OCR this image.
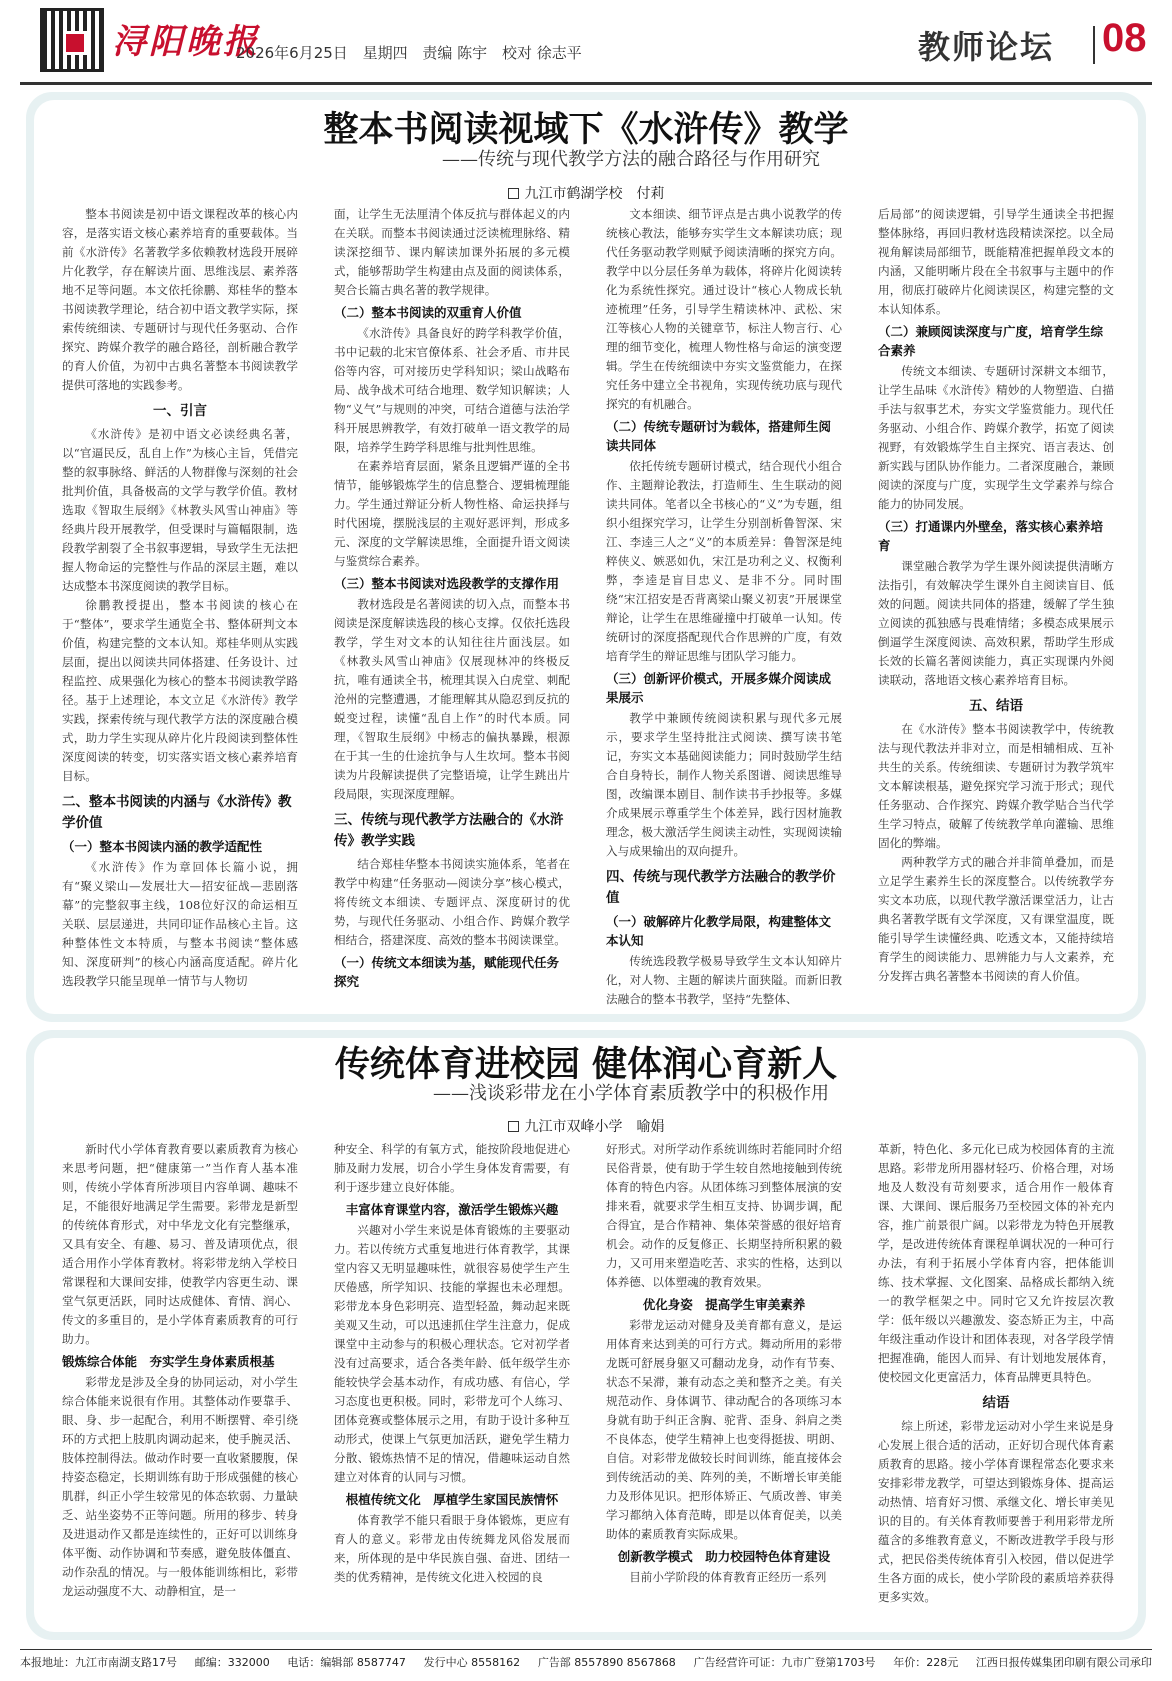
浔阳晚报
2026年6月25日 星期四 责编 陈宇 校对 徐志平	教师论坛 08
整本书阅读视域下《水浒传》教学
——传统与现代教学方法的融合路径与作用研究
九江市鹤湖学校　付莉

整本书阅读是初中语文课程改革的核心内容，是落实语文核心素养培育的重要载体。当前《水浒传》名著教学多依赖教材选段开展碎片化教学，存在解读片面、思维浅层、素养落地不足等问题。本文依托徐鹏、郑桂华的整本书阅读教学理论，结合初中语文教学实际，探索传统细读、专题研讨与现代任务驱动、合作探究、跨媒介教学的融合路径，剖析融合教学的育人价值，为初中古典名著整本书阅读教学提供可落地的实践参考。

一、引言

《水浒传》是初中语文必读经典名著，以“官逼民反，乱自上作”为核心主旨，凭借完整的叙事脉络、鲜活的人物群像与深刻的社会批判价值，具备极高的文学与教学价值。教材选取《智取生辰纲》《林教头风雪山神庙》等经典片段开展教学，但受课时与篇幅限制，选段教学割裂了全书叙事逻辑，导致学生无法把握人物命运的完整性与作品的深层主题，难以达成整本书深度阅读的教学目标。

徐鹏教授提出，整本书阅读的核心在于“整体”，要求学生通览全书、整体研判文本价值，构建完整的文本认知。郑桂华则从实践层面，提出以阅读共同体搭建、任务设计、过程监控、成果强化为核心的整本书阅读教学路径。基于上述理论，本文立足《水浒传》教学实践，探索传统与现代教学方法的深度融合模式，助力学生实现从碎片化片段阅读到整体性深度阅读的转变，切实落实语文核心素养培育目标。

二、整本书阅读的内涵与《水浒传》教学价值
（一）整本书阅读内涵的教学适配性

《水浒传》作为章回体长篇小说，拥有“聚义梁山—发展壮大—招安征战—悲剧落幕”的完整叙事主线，108位好汉的命运相互关联、层层递进，共同印证作品核心主旨。这种整体性文本特质，与整本书阅读“整体感知、深度研判”的核心内涵高度适配。碎片化选段教学只能呈现单一情节与人物切

面，让学生无法厘清个体反抗与群体起义的内在关联。而整本书阅读通过泛读梳理脉络、精读深挖细节、课内解读加课外拓展的多元模式，能够帮助学生构建由点及面的阅读体系，契合长篇古典名著的教学规律。

（二）整本书阅读的双重育人价值

《水浒传》具备良好的跨学科教学价值，书中记载的北宋官僚体系、社会矛盾、市井民俗等内容，可对接历史学科知识；梁山战略布局、战争战术可结合地理、数学知识解读；人物“义气”与规则的冲突，可结合道德与法治学科开展思辨教学，有效打破单一语文教学的局限，培养学生跨学科思维与批判性思维。

在素养培育层面，紧条且逻辑严谨的全书情节，能够锻炼学生的信息整合、逻辑梳理能力。学生通过辩证分析人物性格、命运抉择与时代困境，摆脱浅层的主观好恶评判，形成多元、深度的文学解读思维，全面提升语文阅读与鉴赏综合素养。

（三）整本书阅读对选段教学的支撑作用

教材选段是名著阅读的切入点，而整本书阅读是深度解读选段的核心支撑。仅依托选段教学，学生对文本的认知往往片面浅层。如《林教头风雪山神庙》仅展现林冲的终极反抗，唯有通读全书，梳理其误入白虎堂、刺配沧州的完整遭遇，才能理解其从隐忍到反抗的蜕变过程，读懂“乱自上作”的时代本质。同理，《智取生辰纲》中杨志的偏执暴躁，根源在于其一生的仕途抗争与人生坎坷。整本书阅读为片段解读提供了完整语境，让学生跳出片段局限，实现深度理解。

三、传统与现代教学方法融合的《水浒传》教学实践

结合郑桂华整本书阅读实施体系，笔者在教学中构建“任务驱动—阅读分享”核心模式，将传统文本细读、专题评点、深度研讨的优势，与现代任务驱动、小组合作、跨媒介教学相结合，搭建深度、高效的整本书阅读课堂。

（一）传统文本细读为基，赋能现代任务探究

文本细读、细节评点是古典小说教学的传统核心教法，能够夯实学生文本解读功底；现代任务驱动教学则赋予阅读清晰的探究方向。教学中以分层任务单为载体，将碎片化阅读转化为系统性探究。通过设计“核心人物成长轨迹梳理”任务，引导学生精读林冲、武松、宋江等核心人物的关键章节，标注人物言行、心理的细节变化，梳理人物性格与命运的演变逻辑。学生在传统细读中夯实文鉴赏能力，在探究任务中建立全书视角，实现传统功底与现代探究的有机融合。

（二）传统专题研讨为载体，搭建师生阅读共同体

依托传统专题研讨模式，结合现代小组合作、主题辩论教法，打造师生、生生联动的阅读共同体。笔者以全书核心的“义”为专题，组织小组探究学习，让学生分别剖析鲁智深、宋江、李逵三人之“义”的本质差异：鲁智深是纯粹侠义、嫉恶如仇，宋江是功利之义、权衡利弊，李逵是盲目忠义、是非不分。同时围绕“宋江招安是否背离梁山聚义初衷”开展课堂辩论，让学生在思维碰撞中打破单一认知。传统研讨的深度搭配现代合作思辨的广度，有效培育学生的辩证思维与团队学习能力。

（三）创新评价模式，开展多媒介阅读成果展示

教学中兼顾传统阅读积累与现代多元展示，要求学生坚持批注式阅读、撰写读书笔记，夯实文本基础阅读能力；同时鼓励学生结合自身特长，制作人物关系图谱、阅读思维导图，改编课本剧目、制作读书手抄报等。多媒介成果展示尊重学生个体差异，践行因材施教理念，极大激活学生阅读主动性，实现阅读输入与成果输出的双向提升。

四、传统与现代教学方法融合的教学价值
（一）破解碎片化教学局限，构建整体文本认知

传统选段教学极易导致学生文本认知碎片化，对人物、主题的解读片面狭隘。而新旧教法融合的整本书教学，坚持“先整体、

后局部”的阅读逻辑，引导学生通读全书把握整体脉络，再回归教材选段精读深挖。以全局视角解读局部细节，既能精准把握单段文本的内涵，又能明晰片段在全书叙事与主题中的作用，彻底打破碎片化阅读误区，构建完整的文本认知体系。

（二）兼顾阅读深度与广度，培育学生综合素养

传统文本细读、专题研讨深耕文本细节，让学生品味《水浒传》精妙的人物塑造、白描手法与叙事艺术，夯实文学鉴赏能力。现代任务驱动、小组合作、跨媒介教学，拓宽了阅读视野，有效锻炼学生自主探究、语言表达、创新实践与团队协作能力。二者深度融合，兼顾阅读的深度与广度，实现学生文学素养与综合能力的协同发展。

（三）打通课内外壁垒，落实核心素养培育

课堂融合教学为学生课外阅读提供清晰方法指引，有效解决学生课外自主阅读盲目、低效的问题。阅读共同体的搭建，缓解了学生独立阅读的孤独感与畏难情绪；多模态成果展示倒逼学生深度阅读、高效积累，帮助学生形成长效的长篇名著阅读能力，真正实现课内外阅读联动，落地语文核心素养培育目标。

五、结语

在《水浒传》整本书阅读教学中，传统教法与现代教法并非对立，而是相辅相成、互补共生的关系。传统细读、专题研讨为教学筑牢文本解读根基，避免探究学习流于形式；现代任务驱动、合作探究、跨媒介教学贴合当代学生学习特点，破解了传统教学单向灌输、思维固化的弊端。

两种教学方式的融合并非简单叠加，而是立足学生素养生长的深度整合。以传统教学夯实文本功底，以现代教学激活课堂活力，让古典名著教学既有文学深度，又有课堂温度，既能引导学生读懂经典、吃透文本，又能持续培育学生的阅读能力、思辨能力与人文素养，充分发挥古典名著整本书阅读的育人价值。

传统体育进校园 健体润心育新人
——浅谈彩带龙在小学体育素质教学中的积极作用
九江市双峰小学　喻娟

新时代小学体育教育要以素质教育为核心来思考问题，把“健康第一”当作育人基本准则，传统小学体育所涉项目内容单调、趣味不足，不能很好地满足学生需要。彩带龙是新型的传统体育形式，对中华龙文化有完整继承，又具有安全、有趣、易习、普及请项优点，很适合用作小学体育教材。将彩带龙纳入学校日常课程和大课间安排，使教学内容更生动、课堂气氛更活跃，同时达成健体、育情、润心、传文的多重目的，是小学体育素质教育的可行助力。

锻炼综合体能　夯实学生身体素质根基

彩带龙是涉及全身的协同运动，对小学生综合体能来说很有作用。其整体动作要靠手、眼、身、步一起配合，利用不断摆臂、牵引绕环的方式把上肢肌肉调动起来，使手腕灵活、肢体控制得法。做动作时要一直收紧腰腹，保持姿态稳定，长期训练有助于形成强健的核心肌群，纠正小学生较常见的体态软弱、力量缺乏、站坐姿势不正等问题。所用的移步、转身及进退动作又都是连续性的，正好可以训练身体平衡、动作协调和节奏感，避免肢体僵直、动作杂乱的情况。与一般体能训练相比，彩带龙运动强度不大、动静相宜，是一

种安全、科学的有氧方式，能按阶段地促进心肺及耐力发展，切合小学生身体发育需要，有利于逐步建立良好体能。

丰富体育课堂内容，激活学生锻炼兴趣

兴趣对小学生来说是体育锻炼的主要驱动力。若以传统方式重复地进行体育教学，其课堂内容又无明显趣味性，就很容易使学生产生厌倦感，所学知识、技能的掌握也未必理想。彩带龙本身色彩明亮、造型轻盈，舞动起来既美观又生动，可以迅速抓住学生注意力，促成课堂中主动参与的积极心理状态。它对初学者没有过高要求，适合各类年龄、低年级学生亦能较快学会基本动作，有成功感、有信心，学习态度也更积极。同时，彩带龙可个人练习、团体竞赛或整体展示之用，有助于设计多种互动形式，使课上气氛更加活跃，避免学生精力分散、锻炼热情不足的情况，借趣味运动自然建立对体育的认同与习惯。

根植传统文化　厚植学生家国民族情怀

体育教学不能只看眼于身体锻炼，更应有育人的意义。彩带龙由传统舞龙风俗发展而来，所体现的是中华民族自强、奋进、团结一类的优秀精神，是传统文化进入校园的良

好形式。对所学动作系统训练时若能同时介绍民俗背景，使有助于学生较自然地接触到传统体育的特色内容。从团体练习到整体展演的安排来看，就要求学生相互支持、协调步调，配合得宜，是合作精神、集体荣誉感的很好培育机会。动作的反复修正、长期坚持所积累的毅力，又可用来塑造吃苦、求实的性格，达到以体养德、以体塑魂的教育效果。

优化身姿　提高学生审美素养

彩带龙运动对健身及美育都有意义，是运用体育来达到美的可行方式。舞动所用的彩带龙既可舒展身躯又可翻动龙身，动作有节奏、状态不呆滞，兼有动态之美和整齐之美。有关规范动作、身体调节、律动配合的各项练习本身就有助于纠正含胸、驼背、歪身、斜肩之类不良体态，使学生精神上也变得挺拔、明朗、自信。对彩带龙做较长时间训练，能直接体会到传统活动的美、阵列的美，不断增长审美能力及形体见识。把形体矫正、气质改善、审美学习都纳入体育范畴，即是以体育促美，以美助体的素质教育实际成果。

创新教学模式　助力校园特色体育建设

目前小学阶段的体育教育正经历一系列

革新，特色化、多元化已成为校园体育的主流思路。彩带龙所用器材轻巧、价格合理，对场地及人数没有苛刻要求，适合用作一般体育课、大课间、课后服务乃至校园文体的补充内容，推广前景很广阔。以彩带龙为特色开展教学，是改进传统体育课程单调状况的一种可行办法，有利于拓展小学体育内容，把体能训练、技术掌握、文化图案、品格成长都纳入统一的教学框架之中。同时它又允许按层次教学：低年级以兴趣激发、姿态矫正为主，中高年级注重动作设计和团体表现，对各学段学情把握准确，能因人而异、有计划地发展体育，使校园文化更富活力，体育品牌更具特色。

结语

综上所述，彩带龙运动对小学生来说是身心发展上很合适的活动，正好切合现代体育素质教育的思路。接小学体育课程常态化要求来安排彩带龙教学，可望达到锻炼身体、提高运动热情、培育好习惯、承继文化、增长审美见识的目的。有关体育教师要善于利用彩带龙所蕴含的多维教育意义，不断改进教学手段与形式，把民俗类传统体育引入校园，借以促进学生各方面的成长，使小学阶段的素质培养获得更多实效。

本报地址：九江市南湖支路17号 邮编：332000 电话：编辑部 8587747 发行中心 8558162 广告部 8557890 8567868 广告经营许可证：九市广登第1703号 年价：228元 江西日报传媒集团印刷有限公司承印
